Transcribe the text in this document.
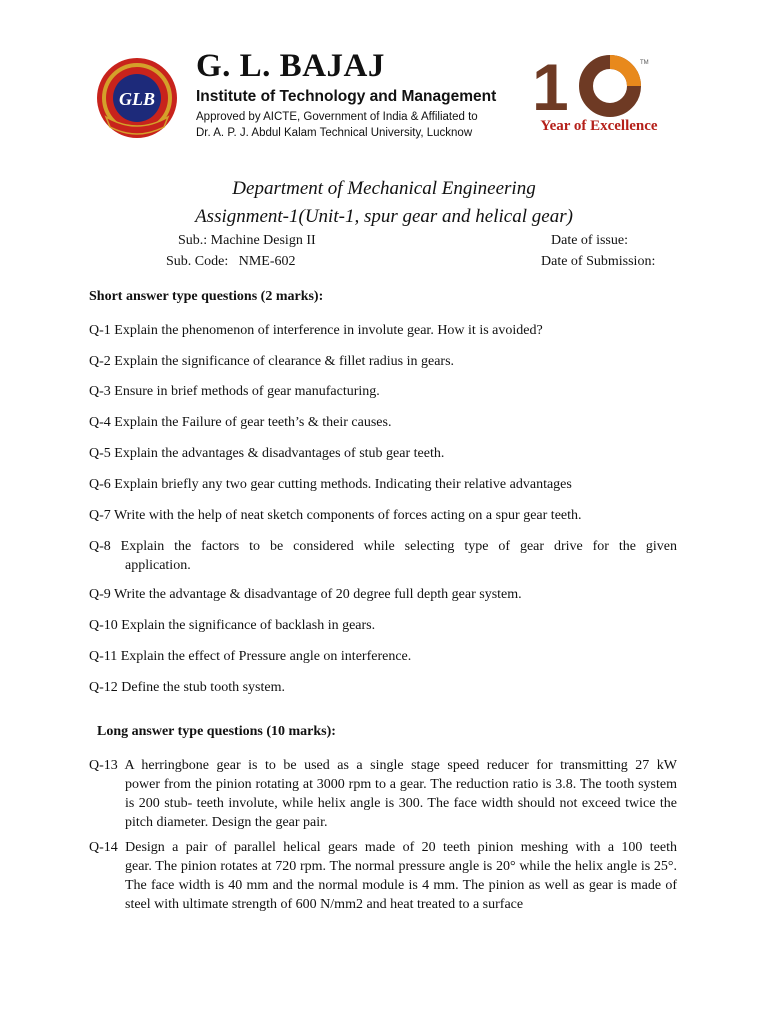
GLB
G. L. BAJAJ
Institute of Technology and Management
Approved by AICTE, Government of India & Affiliated to
Dr. A. P. J. Abdul Kalam Technical University, Lucknow
1	TM
Year of Excellence
Department of Mechanical Engineering
Assignment-1(Unit-1, spur gear and helical gear)
Sub.: Machine Design II
Sub. Code: NME-602
Date of issue:
Date of Submission:
Short answer type questions (2 marks):
Q-1 Explain the phenomenon of interference in involute gear. How it is avoided?
Q-2 Explain the significance of clearance & fillet radius in gears.
Q-3 Ensure in brief methods of gear manufacturing.
Q-4 Explain the Failure of gear teeth’s & their causes.
Q-5 Explain the advantages & disadvantages of stub gear teeth.
Q-6 Explain briefly any two gear cutting methods. Indicating their relative advantages
Q-7 Write with the help of neat sketch components of forces acting on a spur gear teeth.
Q-8 Explain the factors to be considered while selecting type of gear drive for the given
application.
Q-9 Write the advantage & disadvantage of 20 degree full depth gear system.
Q-10 Explain the significance of backlash in gears.
Q-11 Explain the effect of Pressure angle on interference.
Q-12 Define the stub tooth system.
Long answer type questions (10 marks):
Q-13 A herringbone gear is to be used as a single stage speed reducer for transmitting 27 kW
power from the pinion rotating at 3000 rpm to a gear. The reduction ratio is 3.8. The tooth system is 200 stub- teeth involute, while helix angle is 300. The face width should not exceed twice the pitch diameter. Design the gear pair.
Q-14 Design a pair of parallel helical gears made of 20 teeth pinion meshing with a 100 teeth
gear. The pinion rotates at 720 rpm. The normal pressure angle is 20° while the helix angle is 25°. The face width is 40 mm and the normal module is 4 mm. The pinion as well as gear is made of steel with ultimate strength of 600 N/mm2 and heat treated to a surface
